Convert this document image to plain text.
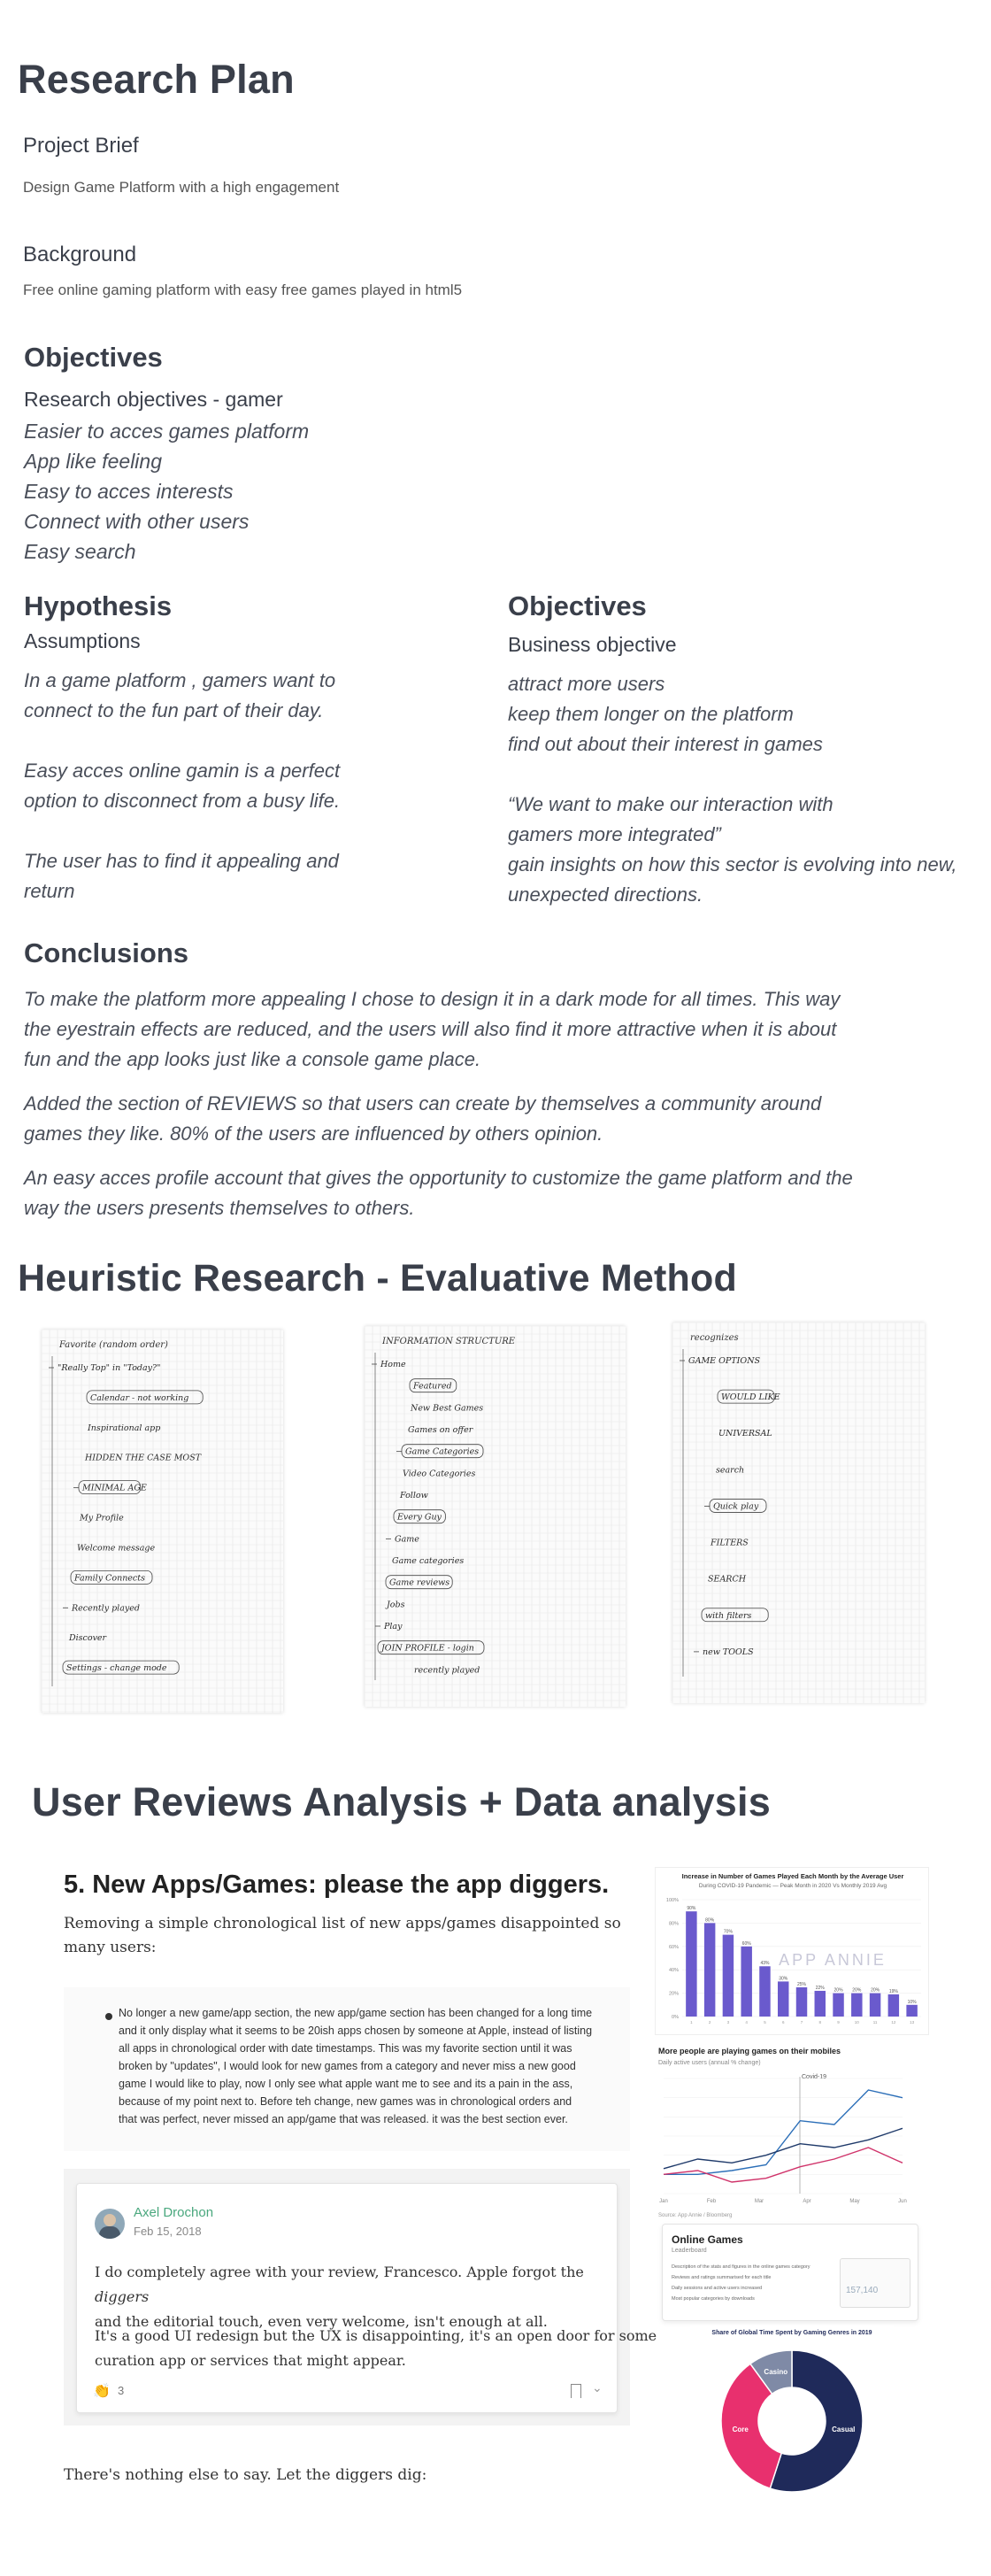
Research Plan
Project Brief
Design Game Platform with a high engagement
Background
Free online gaming platform with easy free games played in html5
Objectives
Research objectives - gamer
Easier to acces games platform
App like feeling
Easy to acces interests
Connect with other users
Easy search
Hypothesis
Assumptions
In a game platform , gamers want to
connect to the fun part of their day.
Easy acces online gamin is a perfect
option to disconnect from a busy life.
The user has to find it appealing and
return
Objectives
Business objective
attract more users
keep them longer on the platform
find out about their interest in games
“We want to make our interaction with
gamers more integrated”
gain insights on how this sector is evolving into new,
unexpected directions.
Conclusions
To make the platform more appealing I chose to design it in a dark mode for all times. This way
the eyestrain effects are reduced, and the users will also find it more attractive when it is about
fun and the app looks just like a console game place.
Added the section of REVIEWS so that users can create by themselves a community around
games they like. 80% of the users are influenced by others opinion.
An easy acces profile account that gives the opportunity to customize the game platform and the
way the users presents themselves to others.
Heuristic Research - Evaluative Method
Favorite (random order)
"Really Top" in "Today?"
Calendar - not working
Inspirational app
HIDDEN THE CASE MOST
MINIMAL AGE
My Profile
Welcome message
Family Connects
Recently played
Discover
Settings - change mode
INFORMATION STRUCTURE
Home
Featured
New Best Games
Games on offer
Game Categories
Video Categories
Follow
Every Guy
Game
Game categories
Game reviews
Jobs
Play
JOIN PROFILE - login
recently played
recognizes
GAME OPTIONS
WOULD LIKE
UNIVERSAL
search
Quick play
FILTERS
SEARCH
with filters
new TOOLS
User Reviews Analysis + Data analysis
5. New Apps/Games: please the app diggers.
Removing a simple chronological list of new apps/games disappointed so
many users:
No longer a new game/app section, the new app/game section has been changed for a long time
and it only display what it seems to be 20ish apps chosen by someone at Apple, instead of listing
all apps in chronological order with date timestamps. This was my favorite section until it was
broken by "updates", I would look for new games from a category and never miss a new good
game I would like to play, now I only see what apple want me to see and its a pain in the ass,
because of my point next to. Before teh change, new games was in chronological orders and
that was perfect, never missed an app/game that was released. it was the best section ever.
Axel Drochon
Feb 15, 2018
I do completely agree with your review, Francesco. Apple forgot the diggers
and the editorial touch, even very welcome, isn't enough at all.
It's a good UI redesign but the UX is disappointing, it's an open door for some
curation app or services that might appear.
👏 3	⌄
There's nothing else to say. Let the diggers dig:
Increase in Number of Games Played Each Month by the Average User
During COVID-19 Pandemic — Peak Month in 2020 Vs Monthly 2019 Avg
APP ANNIE
0%
20%
40%
60%
80%
100%
90%
1
80%
2
70%
3
60%
4
43%
5
30%
6
25%
7
22%
8
20%
9
20%
10
20%
11
19%
12
10%
13
More people are playing games on their mobiles
Daily active users (annual % change)
Covid-19
Source: App Annie / Bloomberg
Jan	Feb	Mar	Apr	May	Jun
Online Games
Leaderboard
Description of the stats and figures in the online games category
Reviews and ratings summarised for each title
Daily sessions and active users increased
Most popular categories by downloads
157,140
Share of Global Time Spent by Gaming Genres in 2019
Casual
Core
Casino
